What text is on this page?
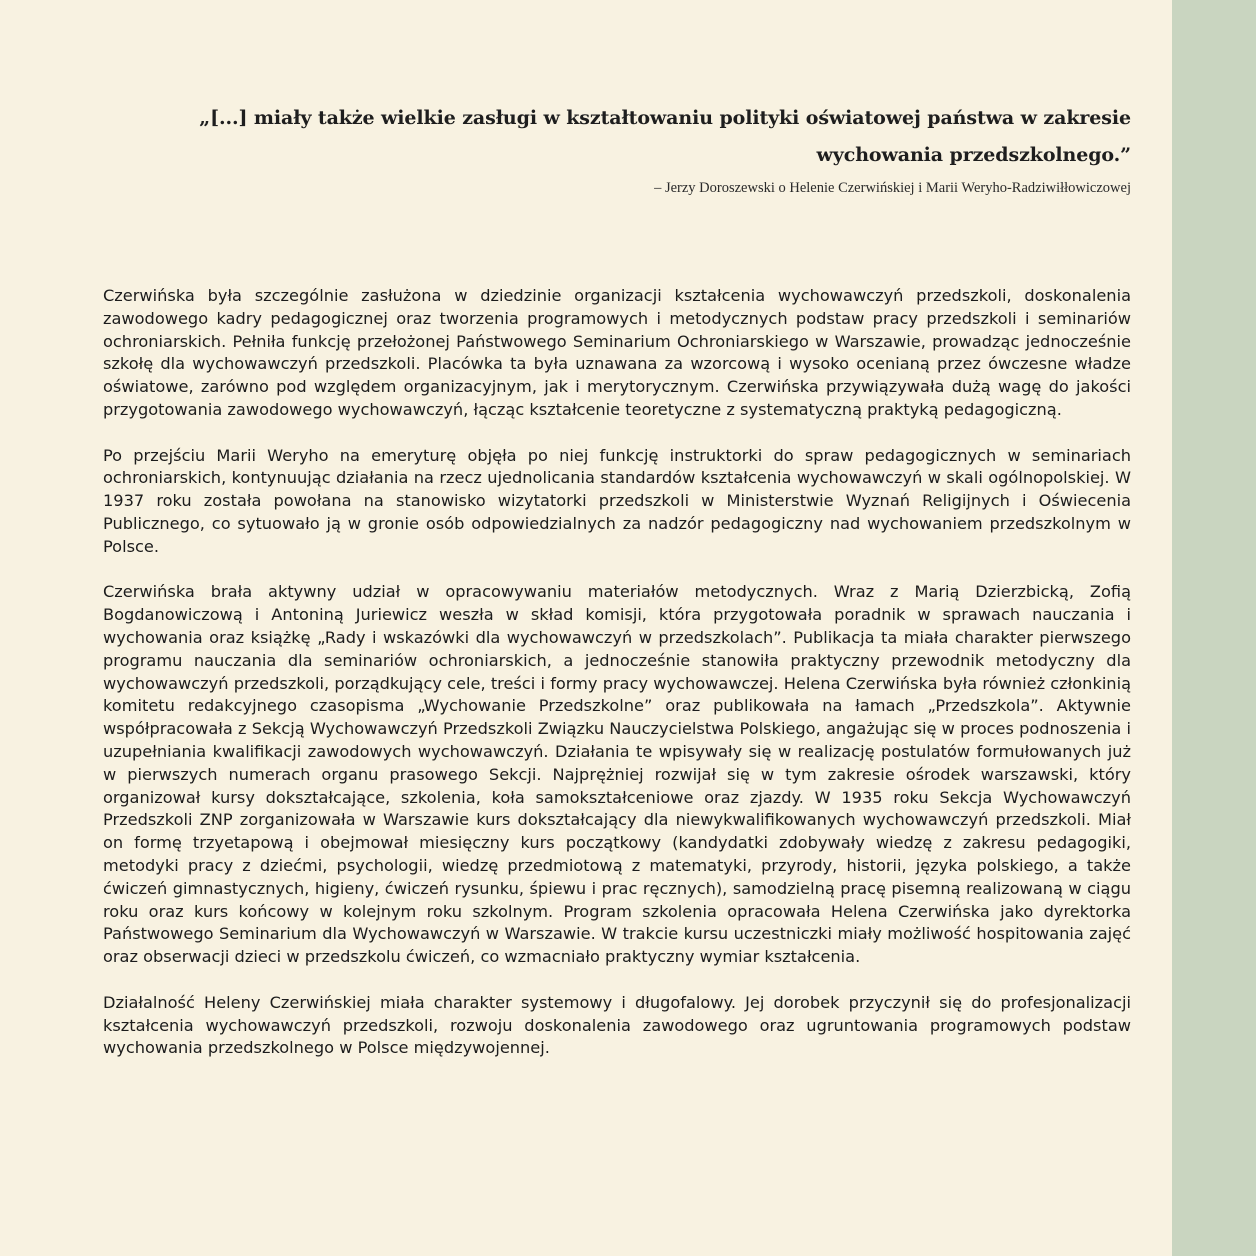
„[...] miały także wielkie zasługi w kształtowaniu polityki oświatowej państwa w zakresie wychowania przedszkolnego.”

– Jerzy Doroszewski o Helenie Czerwińskiej i Marii Weryho-Radziwiłłowiczowej

Czerwińska była szczególnie zasłużona w dziedzinie organizacji kształcenia wychowawczyń przedszkoli, doskonalenia zawodowego kadry pedagogicznej oraz tworzenia programowych i metodycznych podstaw pracy przedszkoli i seminariów ochroniarskich. Pełniła funkcję przełożonej Państwowego Seminarium Ochroniarskiego w Warszawie, prowadząc jednocześnie szkołę dla wychowawczyń przedszkoli. Placówka ta była uznawana za wzorcową i wysoko ocenianą przez ówczesne władze oświatowe, zarówno pod względem organizacyjnym, jak i merytorycznym. Czerwińska przywiązywała dużą wagę do jakości przygotowania zawodowego wychowawczyń, łącząc kształcenie teoretyczne z systematyczną praktyką pedagogiczną.

Po przejściu Marii Weryho na emeryturę objęła po niej funkcję instruktorki do spraw pedagogicznych w seminariach ochroniarskich, kontynuując działania na rzecz ujednolicania standardów kształcenia wychowawczyń w skali ogólnopolskiej. W 1937 roku została powołana na stanowisko wizytatorki przedszkoli w Ministerstwie Wyznań Religijnych i Oświecenia Publicznego, co sytuowało ją w gronie osób odpowiedzialnych za nadzór pedagogiczny nad wychowaniem przedszkolnym w Polsce.

Czerwińska brała aktywny udział w opracowywaniu materiałów metodycznych. Wraz z Marią Dzierzbicką, Zofią Bogdanowiczową i Antoniną Juriewicz weszła w skład komisji, która przygotowała poradnik w sprawach nauczania i wychowania oraz książkę „Rady i wskazówki dla wychowawczyń w przedszkolach”. Publikacja ta miała charakter pierwszego programu nauczania dla seminariów ochroniarskich, a jednocześnie stanowiła praktyczny przewodnik metodyczny dla wychowawczyń przedszkoli, porządkujący cele, treści i formy pracy wychowawczej. Helena Czerwińska była również członkinią komitetu redakcyjnego czasopisma „Wychowanie Przedszkolne” oraz publikowała na łamach „Przedszkola”. Aktywnie współpracowała z Sekcją Wychowawczyń Przedszkoli Związku Nauczycielstwa Polskiego, angażując się w proces podnoszenia i uzupełniania kwalifikacji zawodowych wychowawczyń. Działania te wpisywały się w realizację postulatów formułowanych już w pierwszych numerach organu prasowego Sekcji. Najprężniej rozwijał się w tym zakresie ośrodek warszawski, który organizował kursy dokształcające, szkolenia, koła samokształceniowe oraz zjazdy. W 1935 roku Sekcja Wychowawczyń Przedszkoli ZNP zorganizowała w Warszawie kurs dokształcający dla niewykwalifikowanych wychowawczyń przedszkoli. Miał on formę trzyetapową i obejmował miesięczny kurs początkowy (kandydatki zdobywały wiedzę z zakresu pedagogiki, metodyki pracy z dziećmi, psychologii, wiedzę przedmiotową z matematyki, przyrody, historii, języka polskiego, a także ćwiczeń gimnastycznych, higieny, ćwiczeń rysunku, śpiewu i prac ręcznych), samodzielną pracę pisemną realizowaną w ciągu roku oraz kurs końcowy w kolejnym roku szkolnym. Program szkolenia opracowała Helena Czerwińska jako dyrektorka Państwowego Seminarium dla Wychowawczyń w Warszawie. W trakcie kursu uczestniczki miały możliwość hospitowania zajęć oraz obserwacji dzieci w przedszkolu ćwiczeń, co wzmacniało praktyczny wymiar kształcenia.

Działalność Heleny Czerwińskiej miała charakter systemowy i długofalowy. Jej dorobek przyczynił się do profesjonalizacji kształcenia wychowawczyń przedszkoli, rozwoju doskonalenia zawodowego oraz ugruntowania programowych podstaw wychowania przedszkolnego w Polsce międzywojennej.
